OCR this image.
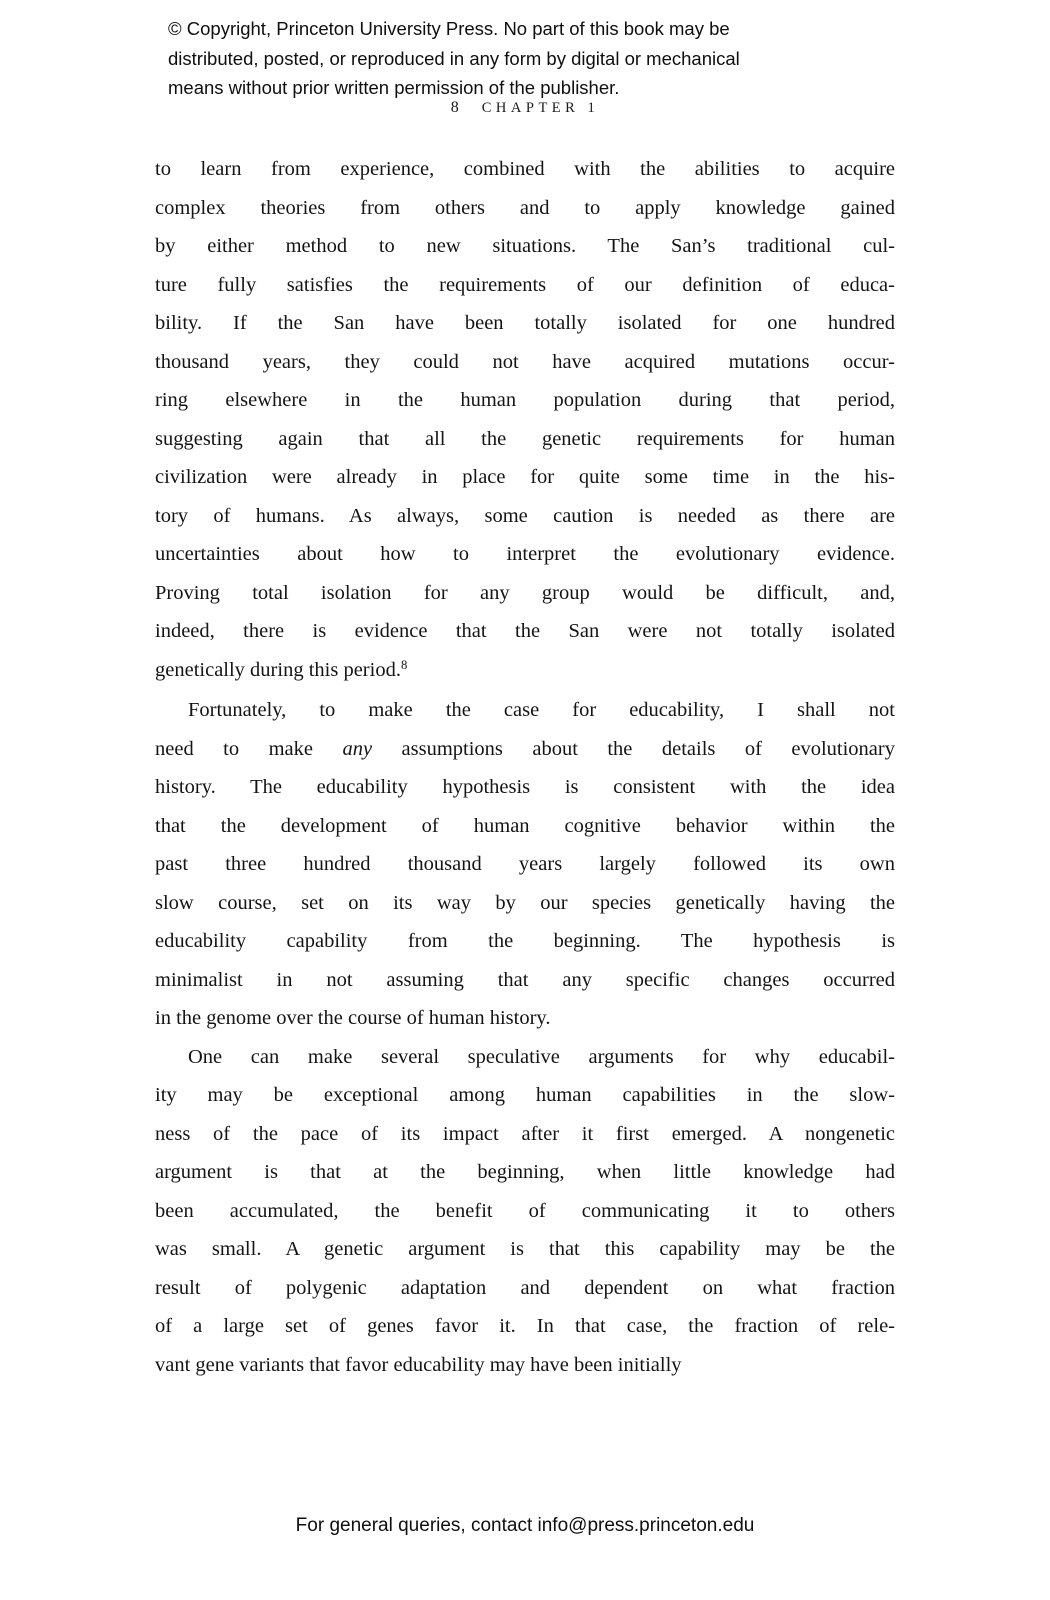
© Copyright, Princeton University Press. No part of this book may be
distributed, posted, or reproduced in any form by digital or mechanical
means without prior written permission of the publisher.
8 CHAPTER 1
to learn from experience, combined with the abilities to acquire
complex theories from others and to apply knowledge gained
by either method to new situations. The San’s traditional cul-
ture fully satisfies the requirements of our definition of educa-
bility. If the San have been totally isolated for one hundred
thousand years, they could not have acquired mutations occur-
ring elsewhere in the human population during that period,
suggesting again that all the genetic requirements for human
civilization were already in place for quite some time in the his-
tory of humans. As always, some caution is needed as there are
uncertainties about how to interpret the evolutionary evidence.
Proving total isolation for any group would be difficult, and,
indeed, there is evidence that the San were not totally isolated
genetically during this period.$^8$
Fortunately, to make the case for educability, I shall not
need to make any assumptions about the details of evolutionary
history. The educability hypothesis is consistent with the idea
that the development of human cognitive behavior within the
past three hundred thousand years largely followed its own
slow course, set on its way by our species genetically having the
educability capability from the beginning. The hypothesis is
minimalist in not assuming that any specific changes occurred
in the genome over the course of human history.
One can make several speculative arguments for why educabil-
ity may be exceptional among human capabilities in the slow-
ness of the pace of its impact after it first emerged. A nongenetic
argument is that at the beginning, when little knowledge had
been accumulated, the benefit of communicating it to others
was small. A genetic argument is that this capability may be the
result of polygenic adaptation and dependent on what fraction
of a large set of genes favor it. In that case, the fraction of rele-
vant gene variants that favor educability may have been initially
For general queries, contact info@press.princeton.edu
